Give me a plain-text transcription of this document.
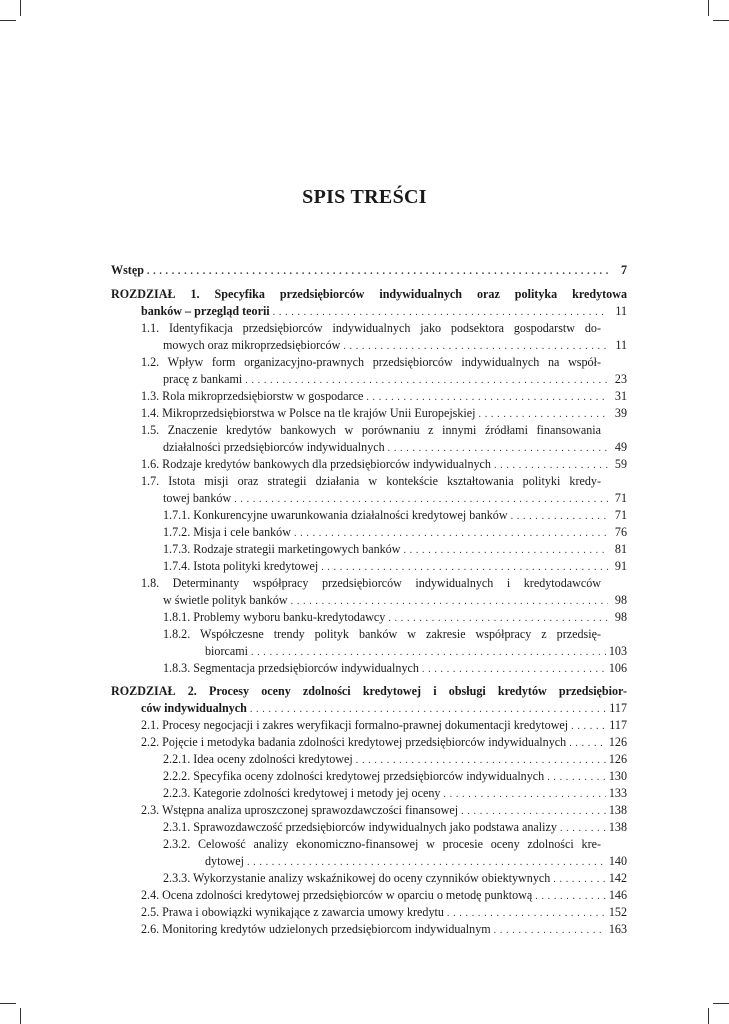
SPIS TREŚCI
Wstęp . . .	7
ROZDZIAŁ 1. Specyfika przedsiębiorców indywidualnych oraz polityka kredytowa
banków – przegląd teorii . . .	11
1.1. Identyfikacja przedsiębiorców indywidualnych jako podsektora gospodarstw do-
mowych oraz mikroprzedsiębiorców . . .	11
1.2. Wpływ form organizacyjno-prawnych przedsiębiorców indywidualnych na współ-
pracę z bankami . . .	23
1.3. Rola mikroprzedsiębiorstw w gospodarce . . .	31
1.4. Mikroprzedsiębiorstwa w Polsce na tle krajów Unii Europejskiej . . .	39
1.5. Znaczenie kredytów bankowych w porównaniu z innymi źródłami finansowania
działalności przedsiębiorców indywidualnych . . .	49
1.6. Rodzaje kredytów bankowych dla przedsiębiorców indywidualnych . . .	59
1.7. Istota misji oraz strategii działania w kontekście kształtowania polityki kredy-
towej banków . . .	71
1.7.1. Konkurencyjne uwarunkowania działalności kredytowej banków . . .	71
1.7.2. Misja i cele banków . . .	76
1.7.3. Rodzaje strategii marketingowych banków . . .	81
1.7.4. Istota polityki kredytowej . . .	91
1.8. Determinanty współpracy przedsiębiorców indywidualnych i kredytodawców
w świetle polityk banków . . .	98
1.8.1. Problemy wyboru banku-kredytodawcy . . .	98
1.8.2. Współczesne trendy polityk banków w zakresie współpracy z przedsię-
biorcami . . .	103
1.8.3. Segmentacja przedsiębiorców indywidualnych . . .	106
ROZDZIAŁ 2. Procesy oceny zdolności kredytowej i obsługi kredytów przedsiębior-
ców indywidualnych . . .	117
2.1. Procesy negocjacji i zakres weryfikacji formalno-prawnej dokumentacji kredytowej . . .	117
2.2. Pojęcie i metodyka badania zdolności kredytowej przedsiębiorców indywidualnych . . .	126
2.2.1. Idea oceny zdolności kredytowej . . .	126
2.2.2. Specyfika oceny zdolności kredytowej przedsiębiorców indywidualnych . . .	130
2.2.3. Kategorie zdolności kredytowej i metody jej oceny . . .	133
2.3. Wstępna analiza uproszczonej sprawozdawczości finansowej . . .	138
2.3.1. Sprawozdawczość przedsiębiorców indywidualnych jako podstawa analizy . . .	138
2.3.2. Celowość analizy ekonomiczno-finansowej w procesie oceny zdolności kre-
dytowej . . .	140
2.3.3. Wykorzystanie analizy wskaźnikowej do oceny czynników obiektywnych . . .	142
2.4. Ocena zdolności kredytowej przedsiębiorców w oparciu o metodę punktową . . .	146
2.5. Prawa i obowiązki wynikające z zawarcia umowy kredytu . . .	152
2.6. Monitoring kredytów udzielonych przedsiębiorcom indywidualnym . . .	163
